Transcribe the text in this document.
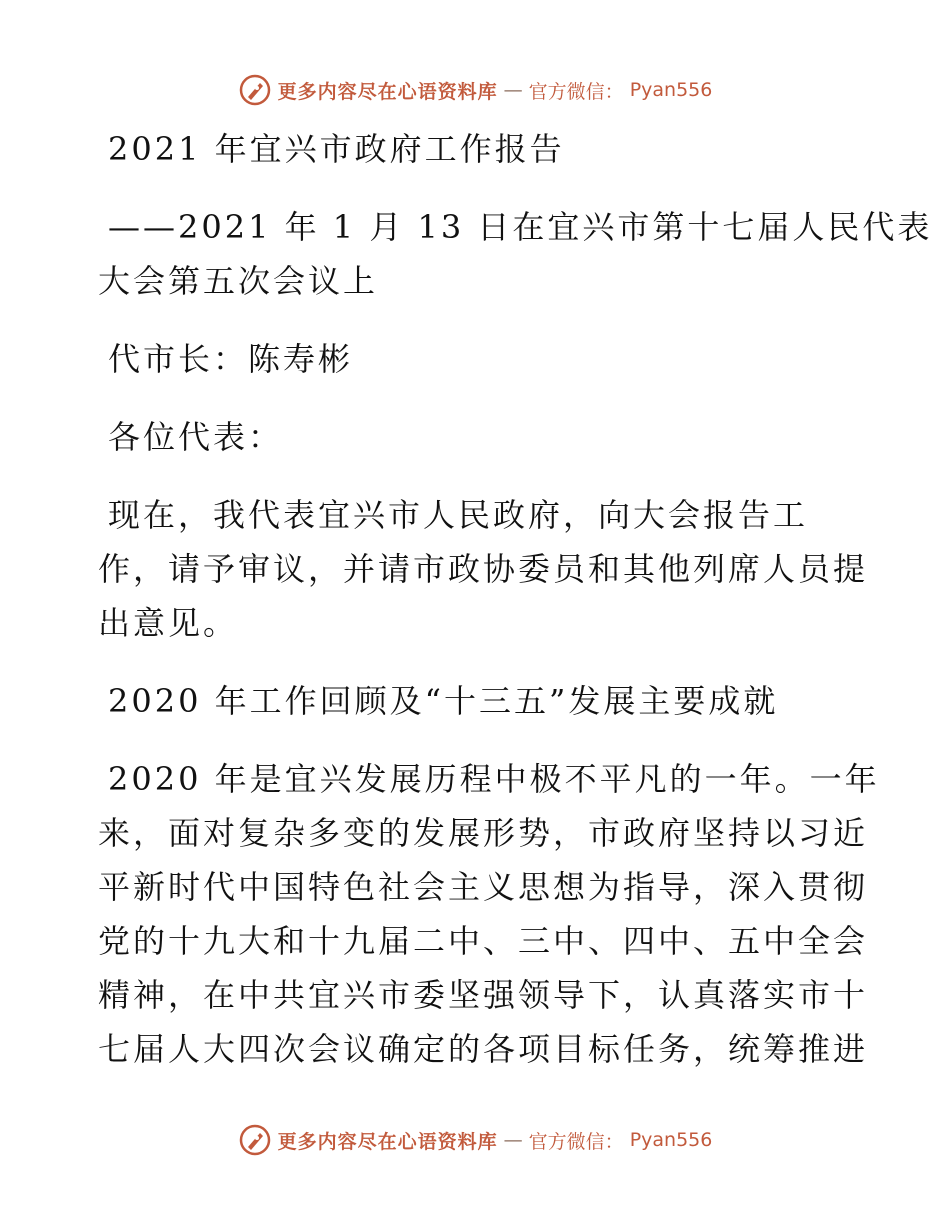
更多内容尽在心语资料库 — 官方微信： Pyan556

2021 年宜兴市政府工作报告

——2021 年 1 月 13 日在宜兴市第十七届人民代表

大会第五次会议上

代市长：陈寿彬

各位代表：

现在，我代表宜兴市人民政府，向大会报告工

作，请予审议，并请市政协委员和其他列席人员提

出意见。

2020 年工作回顾及“十三五”发展主要成就

2020 年是宜兴发展历程中极不平凡的一年。一年

来，面对复杂多变的发展形势，市政府坚持以习近

平新时代中国特色社会主义思想为指导，深入贯彻

党的十九大和十九届二中、三中、四中、五中全会

精神，在中共宜兴市委坚强领导下，认真落实市十

七届人大四次会议确定的各项目标任务，统筹推进

更多内容尽在心语资料库 — 官方微信： Pyan556
